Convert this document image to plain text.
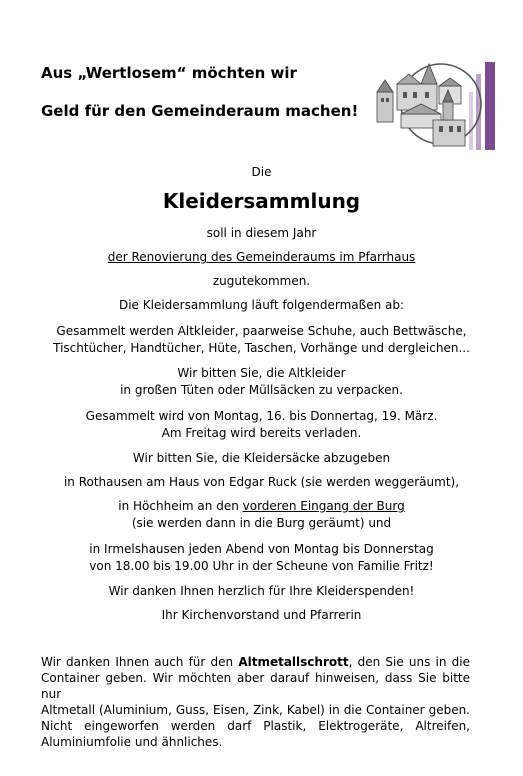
Aus „Wertlosem“ möchten wir
Geld für den Gemeinderaum machen!
Die
Kleidersammlung
soll in diesem Jahr
der Renovierung des Gemeinderaums im Pfarrhaus
zugutekommen.
Die Kleidersammlung läuft folgendermaßen ab:
Gesammelt werden Altkleider, paarweise Schuhe, auch Bettwäsche,
Tischtücher, Handtücher, Hüte, Taschen, Vorhänge und dergleichen...
Wir bitten Sie, die Altkleider
in großen Tüten oder Müllsäcken zu verpacken.
Gesammelt wird von Montag, 16. bis Donnertag, 19. März.
Am Freitag wird bereits verladen.
Wir bitten Sie, die Kleidersäcke abzugeben
in Rothausen am Haus von Edgar Ruck (sie werden weggeräumt),
in Höchheim an den vorderen Eingang der Burg
(sie werden dann in die Burg geräumt) und
in Irmelshausen jeden Abend von Montag bis Donnerstag
von 18.00 bis 19.00 Uhr in der Scheune von Familie Fritz!
Wir danken Ihnen herzlich für Ihre Kleiderspenden!
Ihr Kirchenvorstand und Pfarrerin
Wir danken Ihnen auch für den Altmetallschrott, den Sie uns in die
Container geben. Wir möchten aber darauf hinweisen, dass Sie bitte nur
Altmetall (Aluminium, Guss, Eisen, Zink, Kabel) in die Container geben.
Nicht eingeworfen werden darf Plastik, Elektrogeräte, Altreifen,
Aluminiumfolie und ähnliches.
